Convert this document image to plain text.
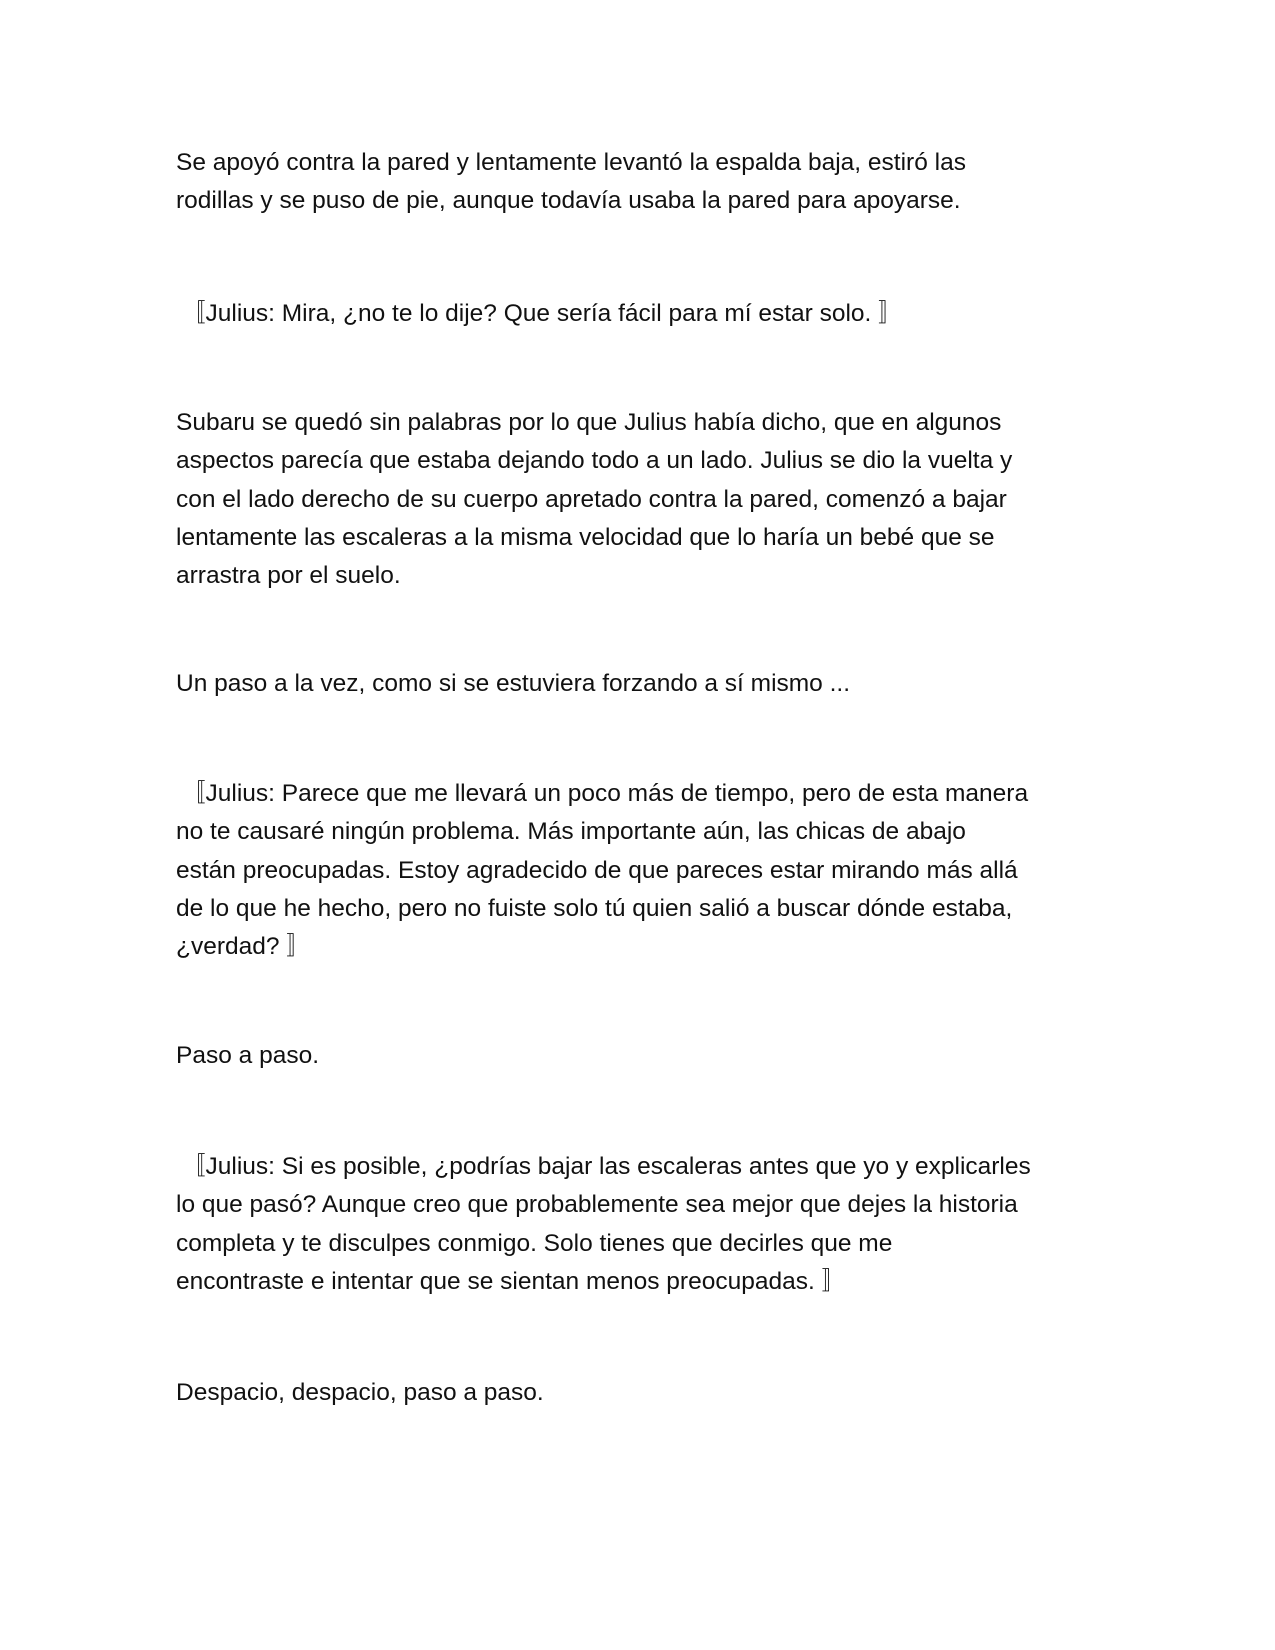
Se apoyó contra la pared y lentamente levantó la espalda baja, estiró las
rodillas y se puso de pie, aunque todavía usaba la pared para apoyarse.

〚Julius: Mira, ¿no te lo dije? Que sería fácil para mí estar solo. 〛

Subaru se quedó sin palabras por lo que Julius había dicho, que en algunos
aspectos parecía que estaba dejando todo a un lado. Julius se dio la vuelta y
con el lado derecho de su cuerpo apretado contra la pared, comenzó a bajar
lentamente las escaleras a la misma velocidad que lo haría un bebé que se
arrastra por el suelo.

Un paso a la vez, como si se estuviera forzando a sí mismo ...

〚Julius: Parece que me llevará un poco más de tiempo, pero de esta manera
no te causaré ningún problema. Más importante aún, las chicas de abajo
están preocupadas. Estoy agradecido de que pareces estar mirando más allá
de lo que he hecho, pero no fuiste solo tú quien salió a buscar dónde estaba,
¿verdad? 〛

Paso a paso.

〚Julius: Si es posible, ¿podrías bajar las escaleras antes que yo y explicarles
lo que pasó? Aunque creo que probablemente sea mejor que dejes la historia
completa y te disculpes conmigo. Solo tienes que decirles que me
encontraste e intentar que se sientan menos preocupadas. 〛

Despacio, despacio, paso a paso.
